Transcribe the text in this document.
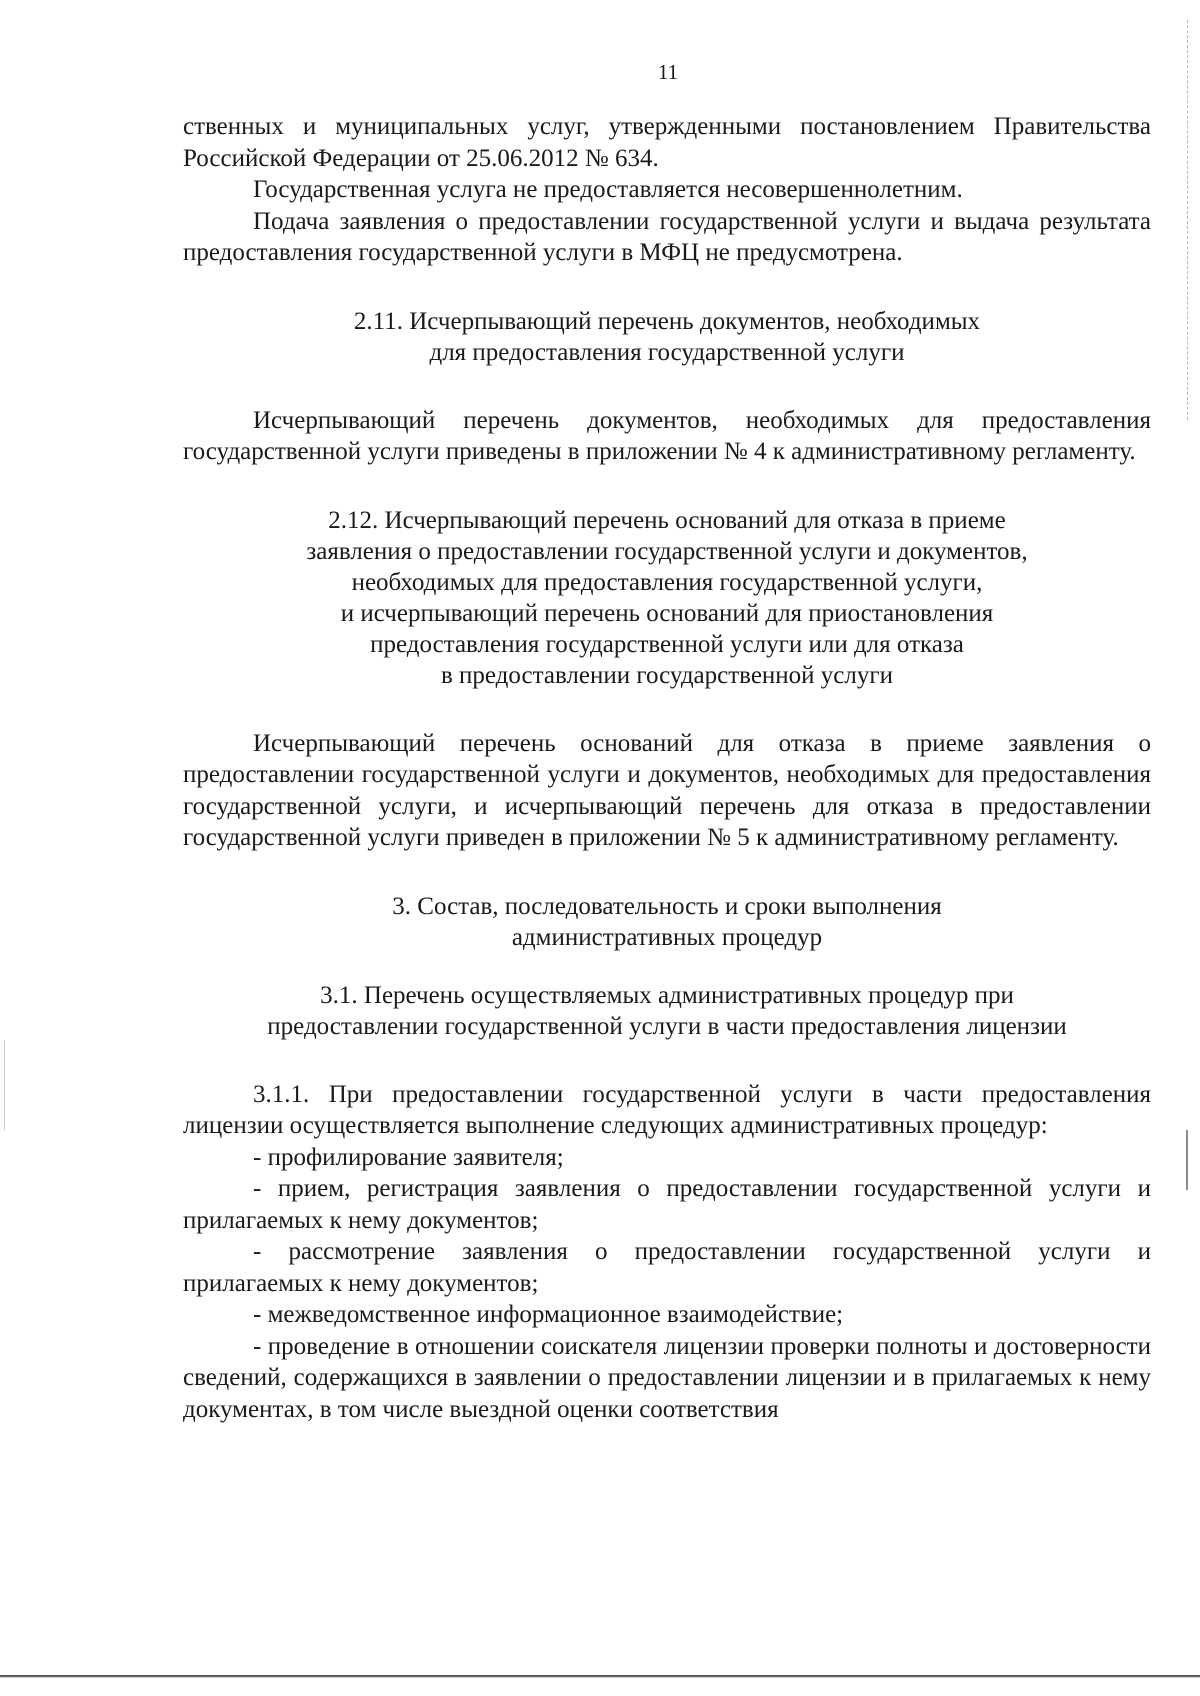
11

ственных и муниципальных услуг, утвержденными постановлением Правительства Российской Федерации от 25.06.2012 № 634.

Государственная услуга не предоставляется несовершеннолетним.

Подача заявления о предоставлении государственной услуги и выдача результата предоставления государственной услуги в МФЦ не предусмотрена.

2.11. Исчерпывающий перечень документов, необходимых

для предоставления государственной услуги

Исчерпывающий перечень документов, необходимых для предоставления государственной услуги приведены в приложении № 4 к административному регламенту.

2.12. Исчерпывающий перечень оснований для отказа в приеме

заявления о предоставлении государственной услуги и документов,

необходимых для предоставления государственной услуги,

и исчерпывающий перечень оснований для приостановления

предоставления государственной услуги или для отказа

в предоставлении государственной услуги

Исчерпывающий перечень оснований для отказа в приеме заявления о предоставлении государственной услуги и документов, необходимых для предоставления государственной услуги, и исчерпывающий перечень для отказа в предоставлении государственной услуги приведен в приложении № 5 к административному регламенту.

3. Состав, последовательность и сроки выполнения

административных процедур

3.1. Перечень осуществляемых административных процедур при

предоставлении государственной услуги в части предоставления лицензии

3.1.1. При предоставлении государственной услуги в части предоставления лицензии осуществляется выполнение следующих административных процедур:

- профилирование заявителя;

- прием, регистрация заявления о предоставлении государственной услуги и прилагаемых к нему документов;

- рассмотрение заявления о предоставлении государственной услуги и прилагаемых к нему документов;

- межведомственное информационное взаимодействие;

- проведение в отношении соискателя лицензии проверки полноты и достоверности сведений, содержащихся в заявлении о предоставлении лицензии и в прилагаемых к нему документах, в том числе выездной оценки соответствия
